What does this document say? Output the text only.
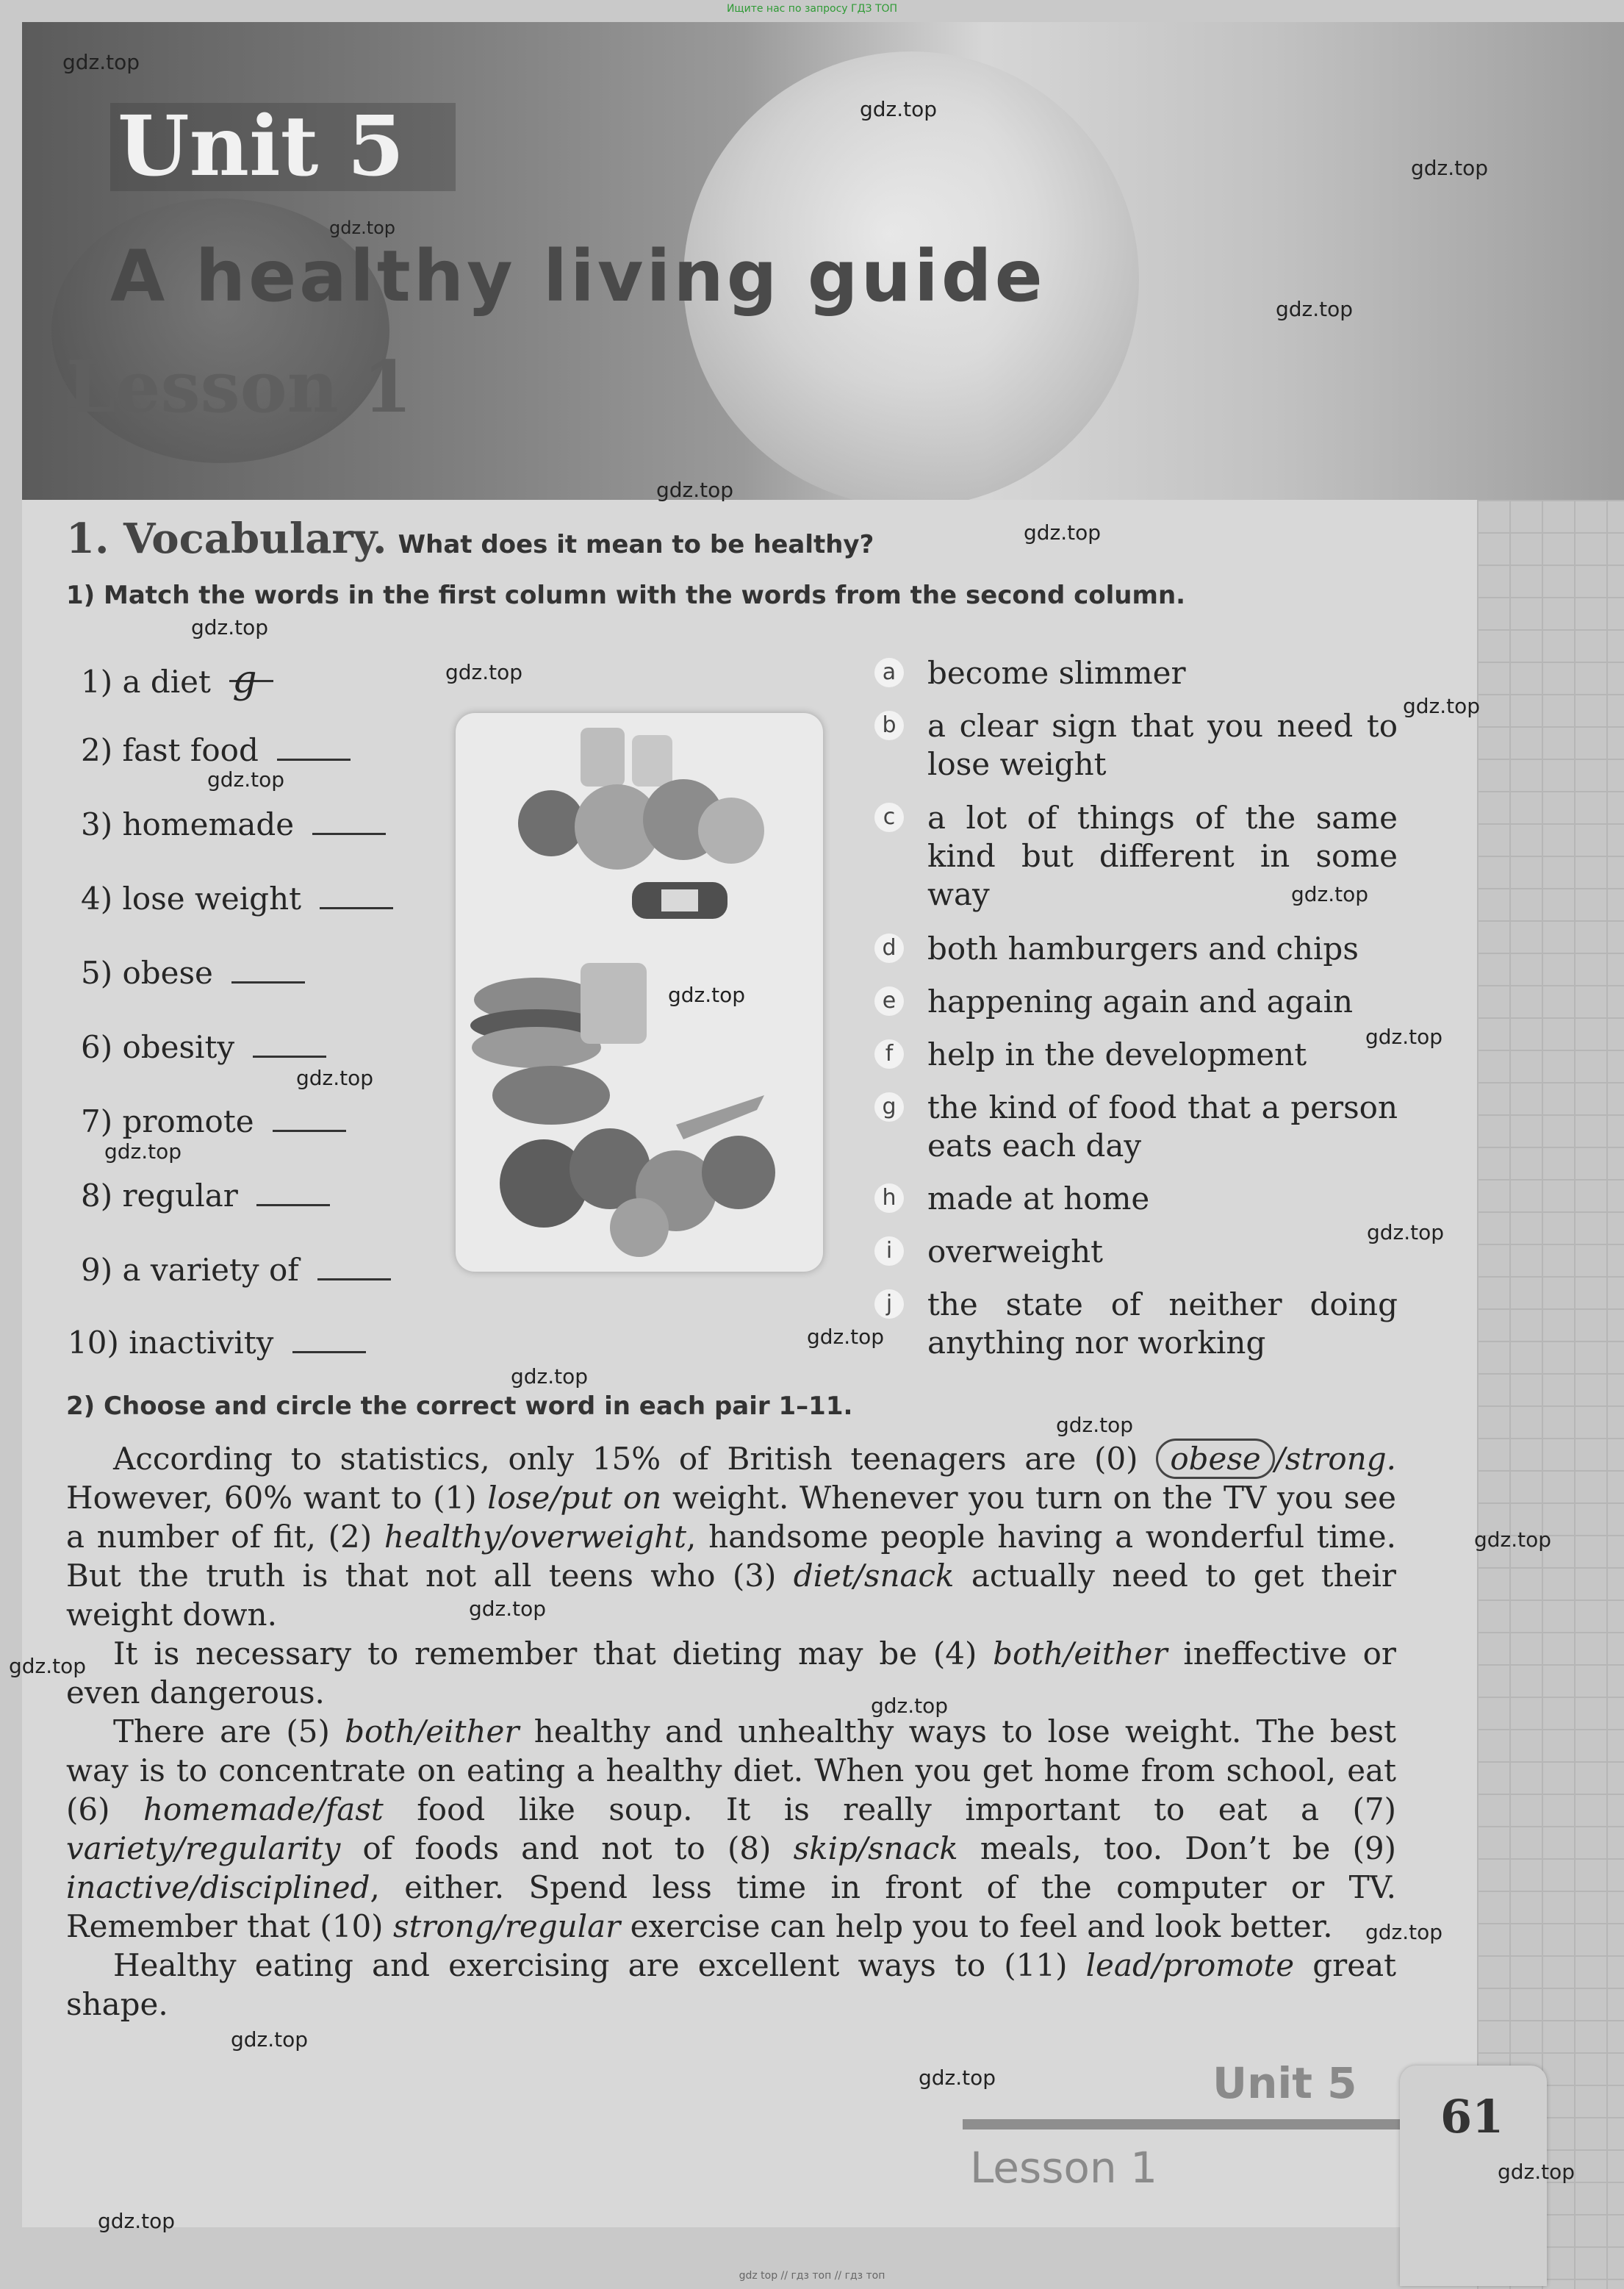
Ищите нас по запросу ГДЗ ТОП
Unit 5
A healthy living guide
Lesson 1
1. Vocabulary. What does it mean to be healthy?
1) Match the words in the first column with the words from the second column.
1) a diet g
2) fast food
3) homemade
4) lose weight
5) obese
6) obesity
7) promote
8) regular
9) a variety of
10) inactivity
a become slimmer
b a clear sign that you need to lose weight
c a lot of things of the same kind but different in some way
d both hamburgers and chips
e happening again and again
f	help in the development
g the kind of food that a person eats each day
h made at home
i	overweight
j	the state of neither doing anything nor working
2) Choose and circle the correct word in each pair 1–11.

According to statistics, only 15% of British teenagers are (0) obese /strong. However, 60% want to (1) lose/put on weight. Whenever you turn on the TV you see a number of fit, (2) healthy/overweight, handsome people having a wonderful time. But the truth is that not all teens who (3) diet/snack actually need to get their weight down.

It is necessary to remember that dieting may be (4) both/either ineffective or even dangerous.

There are (5) both/either healthy and unhealthy ways to lose weight. The best way is to concentrate on eating a healthy diet. When you get home from school, eat (6) homemade/fast food like soup. It is really important to eat a (7) variety/regularity of foods and not to (8) skip/snack meals, too. Don’t be (9) inactive/disciplined, either. Spend less time in front of the computer or TV. Remember that (10) strong/regular exercise can help you to feel and look better.

Healthy eating and exercising are excellent ways to (11) lead/promote great shape.

Unit 5
Lesson 1
61
gdz.top
gdz.top
gdz.top
gdz.top
gdz.top
gdz.top
gdz.top
gdz.top
gdz.top
gdz.top
gdz.top
gdz.top
gdz.top
gdz.top
gdz.top
gdz.top
gdz.top
gdz.top
gdz.top
gdz.top
gdz.top
gdz.top
gdz.top
gdz.top
gdz.top
gdz.top
gdz.top
gdz.top
gdz.top
gdz top // гдз топ // гдз топ
